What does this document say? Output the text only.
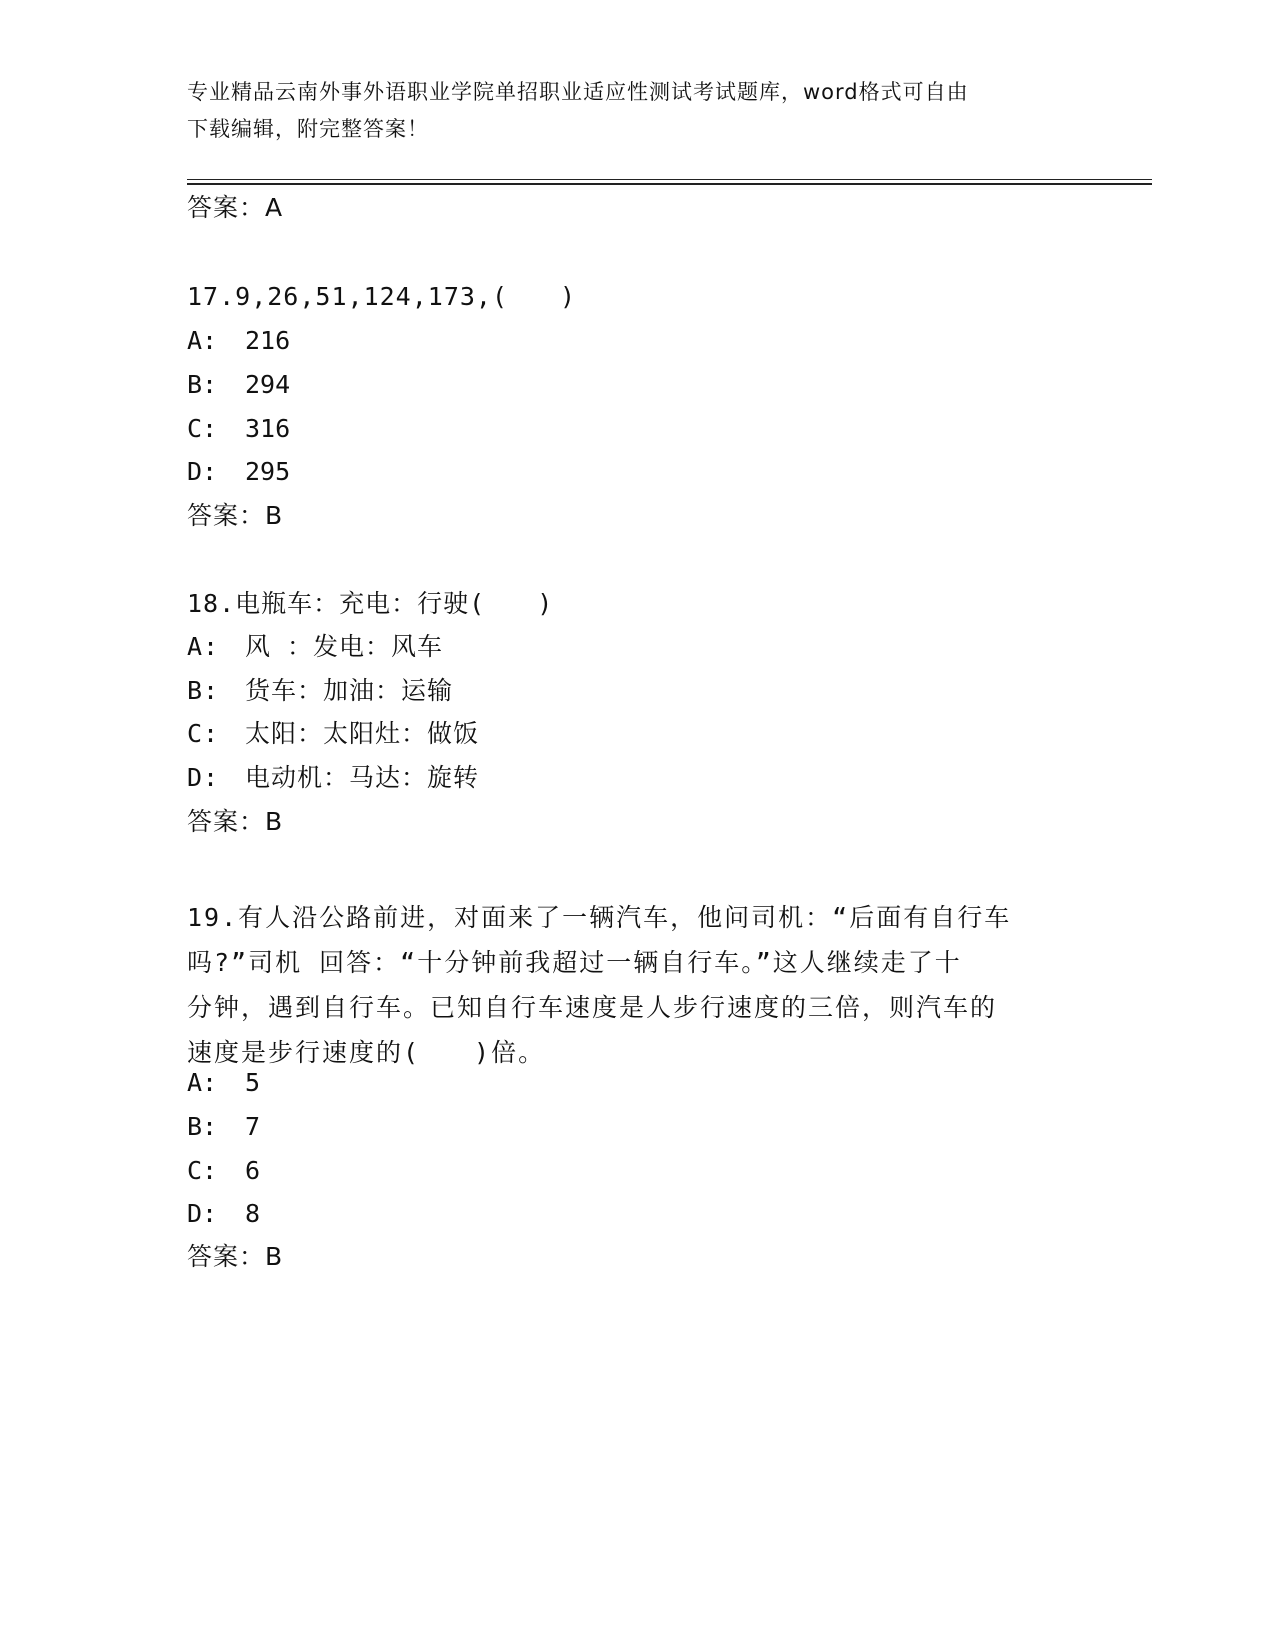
专业精品云南外事外语职业学院单招职业适应性测试考试题库，word格式可自由
下载编辑，附完整答案！
答案：A
17.9,26,51,124,173,(　　)
A: 216
B: 294
C: 316
D: 295
答案：B
18.电瓶车：充电：行驶(　　)
A: 风 ：发电：风车
B: 货车：加油：运输
C: 太阳：太阳灶：做饭
D: 电动机：马达：旋转
答案：B
19.有人沿公路前进，对面来了一辆汽车，他问司机：“后面有自行车
吗?”司机 回答：“十分钟前我超过一辆自行车。”这人继续走了十
分钟，遇到自行车。已知自行车速度是人步行速度的三倍，则汽车的
速度是步行速度的(　　)倍。
A: 5
B: 7
C: 6
D: 8
答案：B
